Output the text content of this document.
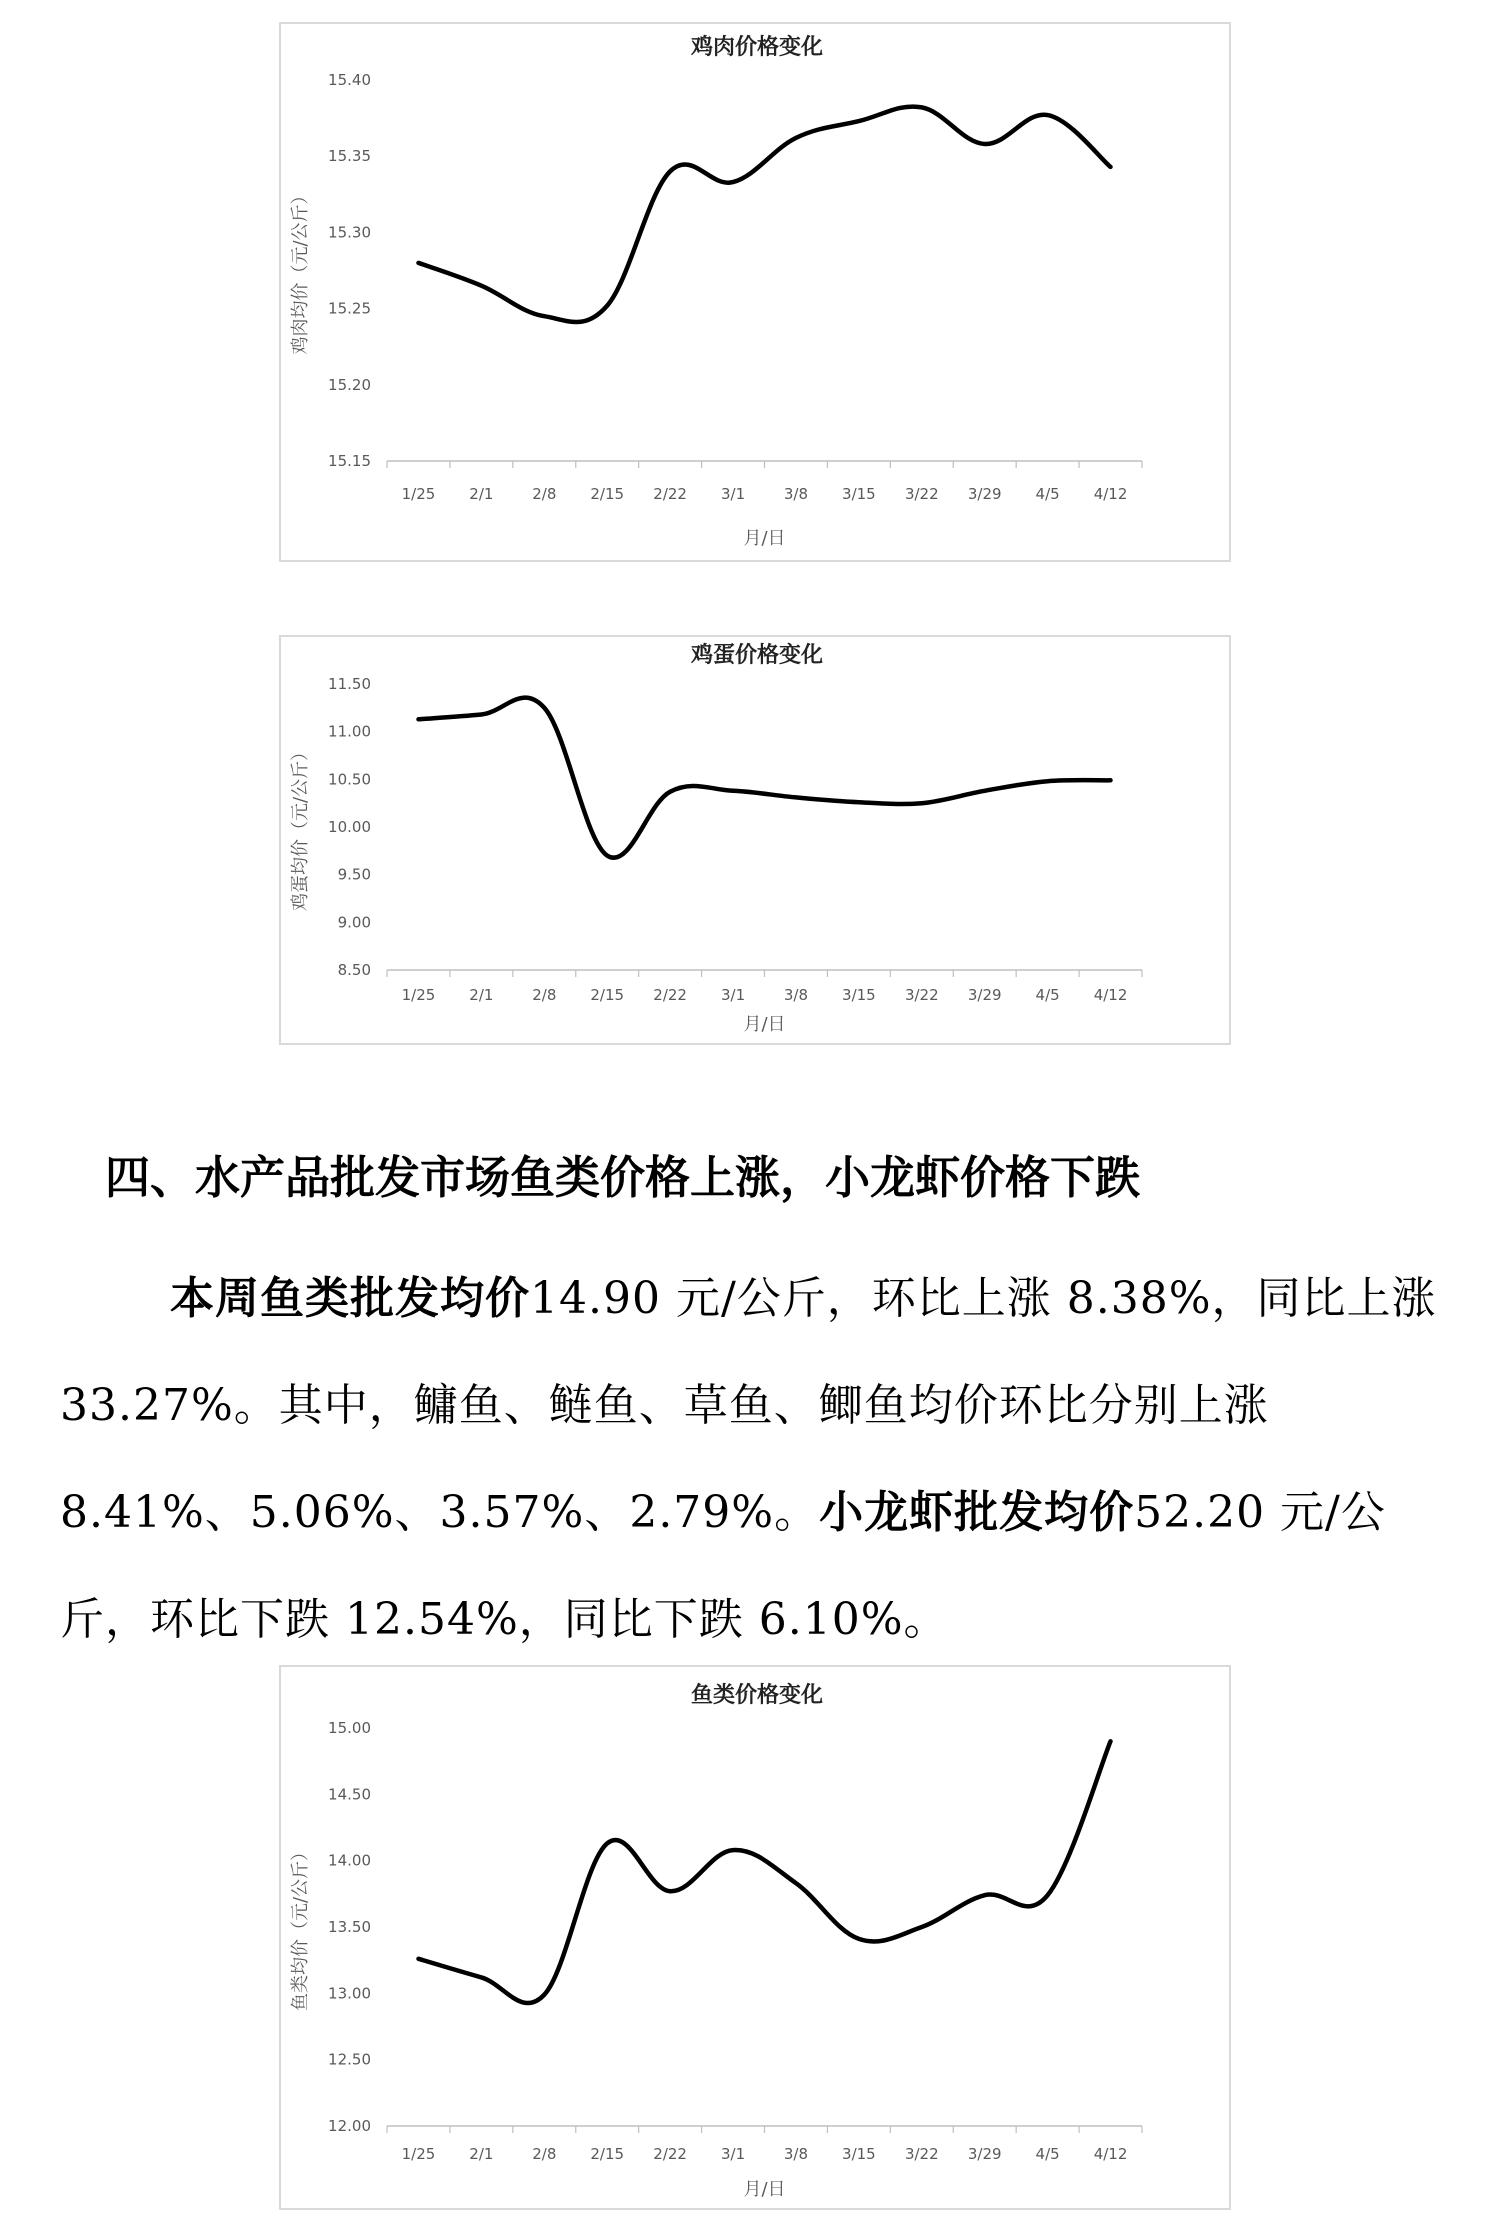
鸡肉价格变化
15.15
15.20
15.25
15.30
15.35
15.40
1/25 2/1	2/8 2/15 2/22 3/1	3/8 3/15 3/22 3/29 4/5 4/12
月/日
鸡肉均价（元/公斤）
鸡蛋价格变化
8.50
9.00
9.50
10.00
10.50
11.00
11.50
1/25 2/1	2/8 2/15 2/22 3/1	3/8 3/15 3/22 3/29 4/5 4/12
月/日
鸡蛋均价（元/公斤）
四、水产品批发市场鱼类价格上涨，小龙虾价格下跌
本周鱼类批发均价14.90 元/公斤，环比上涨 8.38%，同比上涨 33.27%。其中，鳙鱼、鲢鱼、草鱼、鲫鱼均价环比分别上涨 8.41%、5.06%、3.57%、2.79%。小龙虾批发均价52.20 元/公斤，环比下跌 12.54%，同比下跌 6.10%。
鱼类价格变化
12.00
12.50
13.00
13.50
14.00
14.50
15.00
1/25 2/1	2/8 2/15 2/22 3/1	3/8 3/15 3/22 3/29 4/5 4/12
月/日
鱼类均价（元/公斤）
